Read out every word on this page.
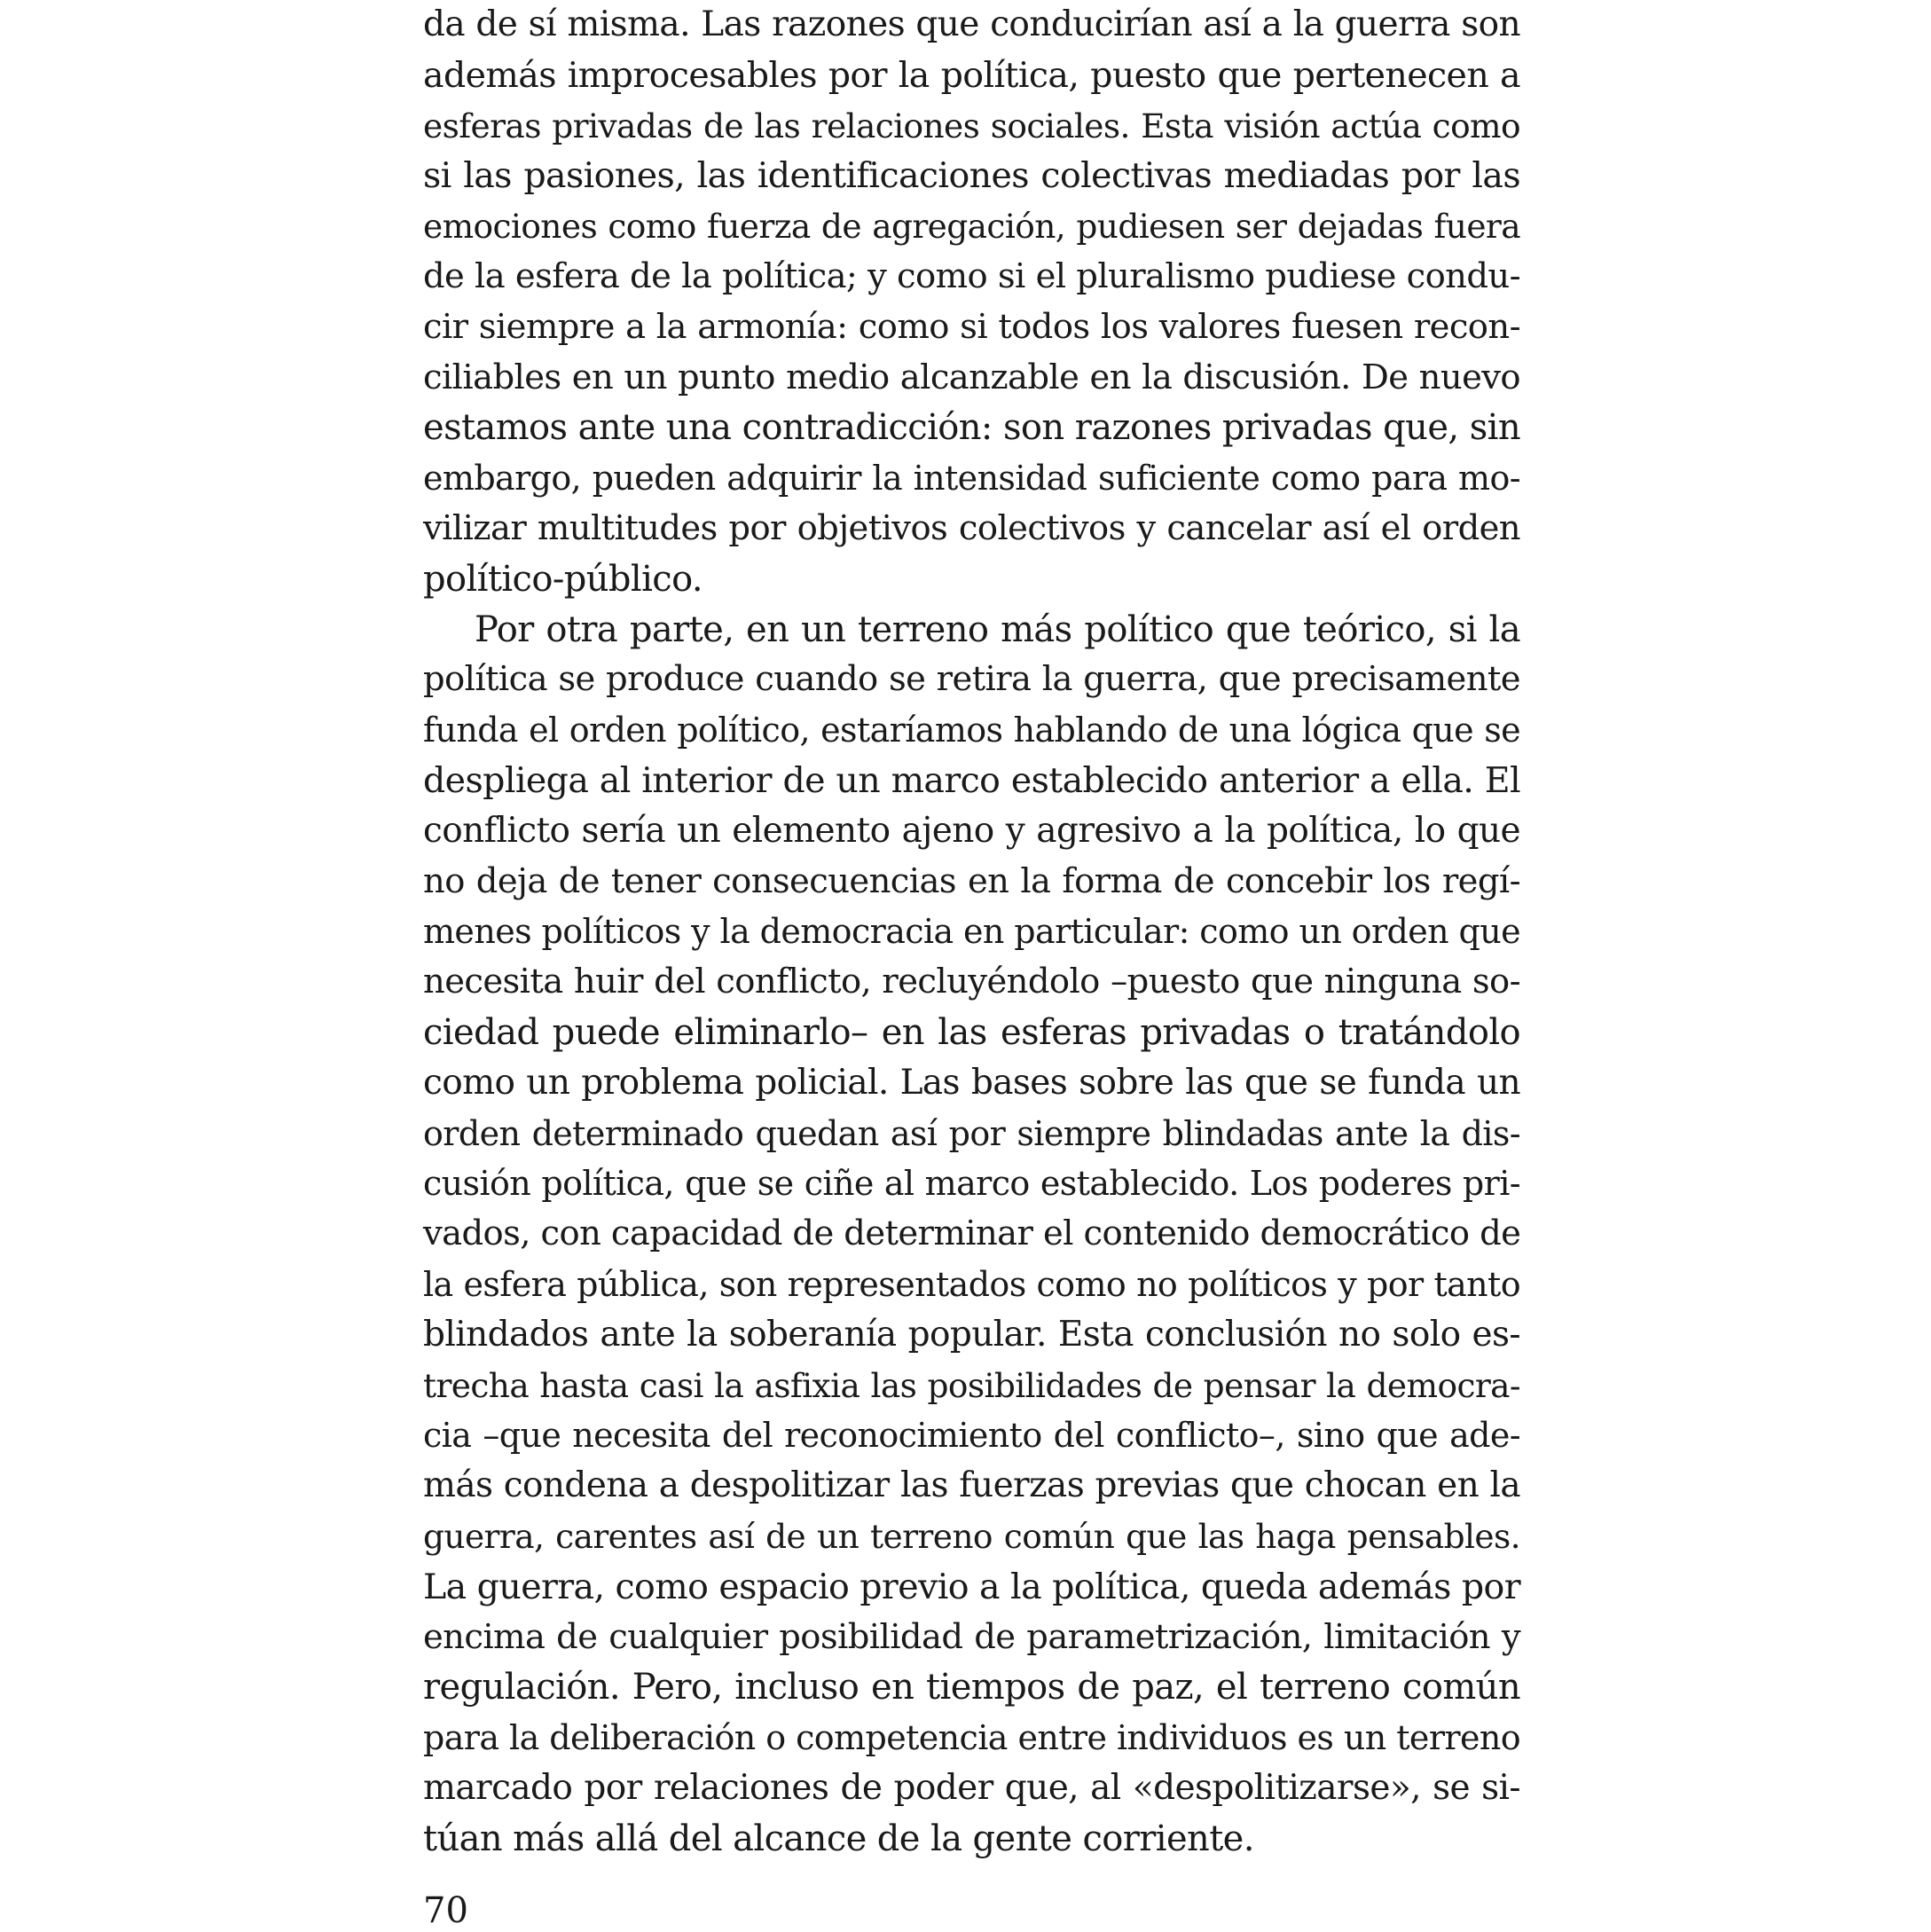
da de sí misma. Las razones que conducirían así a la guerra son
además improcesables por la política, puesto que pertenecen a
esferas privadas de las relaciones sociales. Esta visión actúa como
si las pasiones, las identificaciones colectivas mediadas por las
emociones como fuerza de agregación, pudiesen ser dejadas fuera
de la esfera de la política; y como si el pluralismo pudiese condu-
cir siempre a la armonía: como si todos los valores fuesen recon-
ciliables en un punto medio alcanzable en la discusión. De nuevo
estamos ante una contradicción: son razones privadas que, sin
embargo, pueden adquirir la intensidad suficiente como para mo-
vilizar multitudes por objetivos colectivos y cancelar así el orden
político-público.
Por otra parte, en un terreno más político que teórico, si la
política se produce cuando se retira la guerra, que precisamente
funda el orden político, estaríamos hablando de una lógica que se
despliega al interior de un marco establecido anterior a ella. El
conflicto sería un elemento ajeno y agresivo a la política, lo que
no deja de tener consecuencias en la forma de concebir los regí-
menes políticos y la democracia en particular: como un orden que
necesita huir del conflicto, recluyéndolo –puesto que ninguna so-
ciedad puede eliminarlo– en las esferas privadas o tratándolo
como un problema policial. Las bases sobre las que se funda un
orden determinado quedan así por siempre blindadas ante la dis-
cusión política, que se ciñe al marco establecido. Los poderes pri-
vados, con capacidad de determinar el contenido democrático de
la esfera pública, son representados como no políticos y por tanto
blindados ante la soberanía popular. Esta conclusión no solo es-
trecha hasta casi la asfixia las posibilidades de pensar la democra-
cia –que necesita del reconocimiento del conflicto–, sino que ade-
más condena a despolitizar las fuerzas previas que chocan en la
guerra, carentes así de un terreno común que las haga pensables.
La guerra, como espacio previo a la política, queda además por
encima de cualquier posibilidad de parametrización, limitación y
regulación. Pero, incluso en tiempos de paz, el terreno común
para la deliberación o competencia entre individuos es un terreno
marcado por relaciones de poder que, al «despolitizarse», se si-
túan más allá del alcance de la gente corriente.
70
